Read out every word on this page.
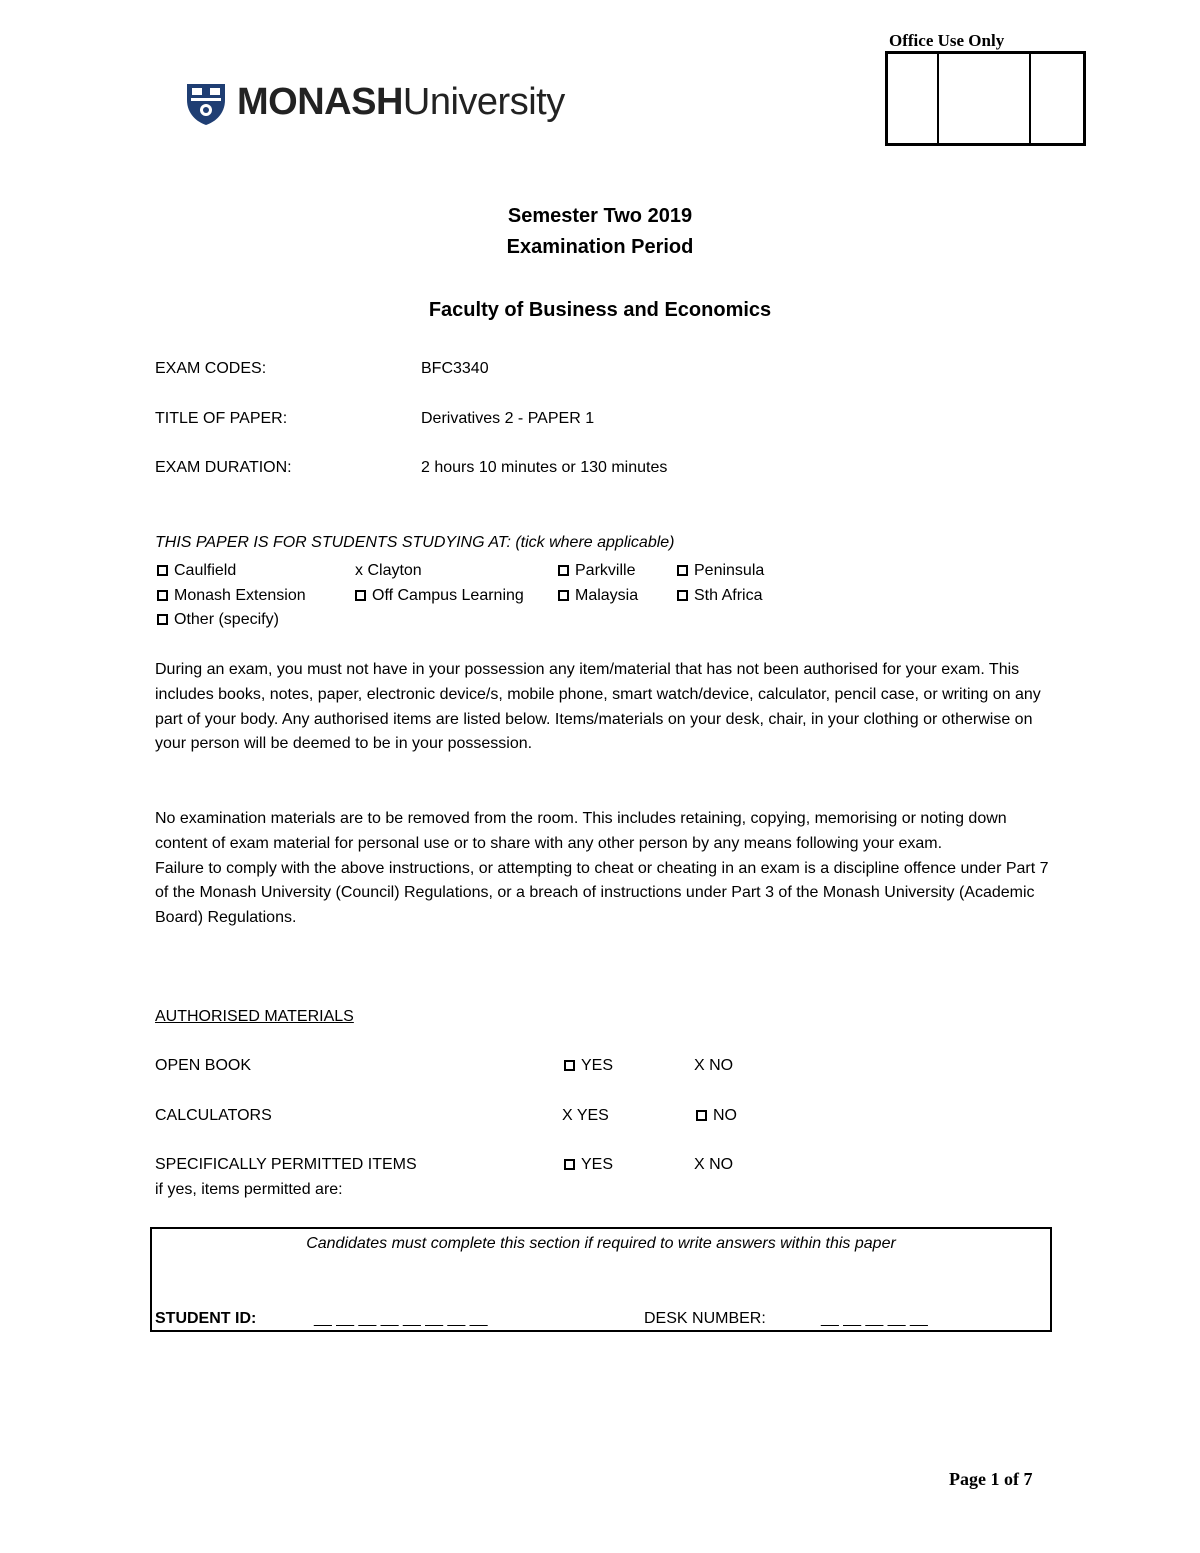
MONASHUniversity
Office Use Only
Semester Two 2019
Examination Period
Faculty of Business and Economics
EXAM CODES:	BFC3340
TITLE OF PAPER:	Derivatives 2 - PAPER 1
EXAM DURATION:	2 hours 10 minutes or 130 minutes
THIS PAPER IS FOR STUDENTS STUDYING AT: (tick where applicable)
Caulfield	x Clayton	Parkville	Peninsula
Monash Extension	Off Campus Learning	Malaysia	Sth Africa
Other (specify)
During an exam, you must not have in your possession any item/material that has not been authorised for your exam. This includes books, notes, paper, electronic device/s, mobile phone, smart watch/device, calculator, pencil case, or writing on any part of your body. Any authorised items are listed below. Items/materials on your desk, chair, in your clothing or otherwise on your person will be deemed to be in your possession.

No examination materials are to be removed from the room. This includes retaining, copying, memorising or noting down content of exam material for personal use or to share with any other person by any means following your exam.

Failure to comply with the above instructions, or attempting to cheat or cheating in an exam is a discipline offence under Part 7 of the Monash University (Council) Regulations, or a breach of instructions under Part 3 of the Monash University (Academic Board) Regulations.

AUTHORISED MATERIALS
OPEN BOOK	YES	X NO
CALCULATORS	X YES	NO
SPECIFICALLY PERMITTED ITEMS	YES	X NO
if yes, items permitted are:
Candidates must complete this section if required to write answers within this paper
STUDENT ID:	__ __ __ __ __ __ __ __	DESK NUMBER:	__ __ __ __ __
Page 1 of 7
